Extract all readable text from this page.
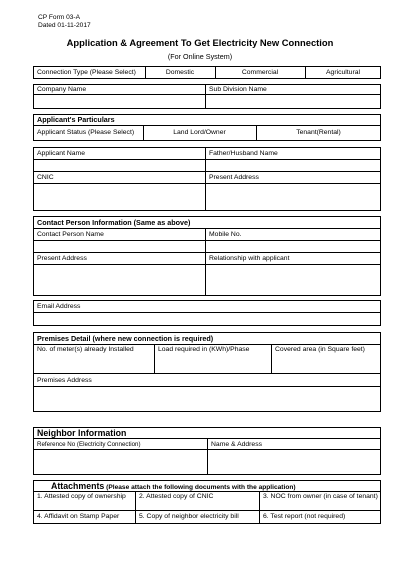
CP Form 03-A
Dated 01-11-2017
Application & Agreement To Get Electricity New Connection
(For Online System)
Connection Type (Please Select)	Domestic	Commercial	Agricultural
Company Name	Sub Division Name
Applicant's Particulars
Applicant Status (Please Select)	Land Lord/Owner	Tenant(Rental)
Applicant Name	Father/Husband Name
CNIC	Present Address
Contact Person Information (Same as above)
Contact Person Name	Mobile No.
Present Address	Relationship with applicant
Email Address
Premises Detail (where new connection is required)
No. of meter(s) already Installed	Load required in (KWh)/Phase	Covered area (in Square feet)
Premises Address
Neighbor Information
Reference No (Electricity Connection)	Name & Address
Attachments (Please attach the following documents with the application)
1. Attested copy of ownership	2. Attested copy of CNIC	3. NOC from owner (in case of tenant)
4. Affidavit on Stamp Paper	5. Copy of neighbor electricity bill	6. Test report (not required)
